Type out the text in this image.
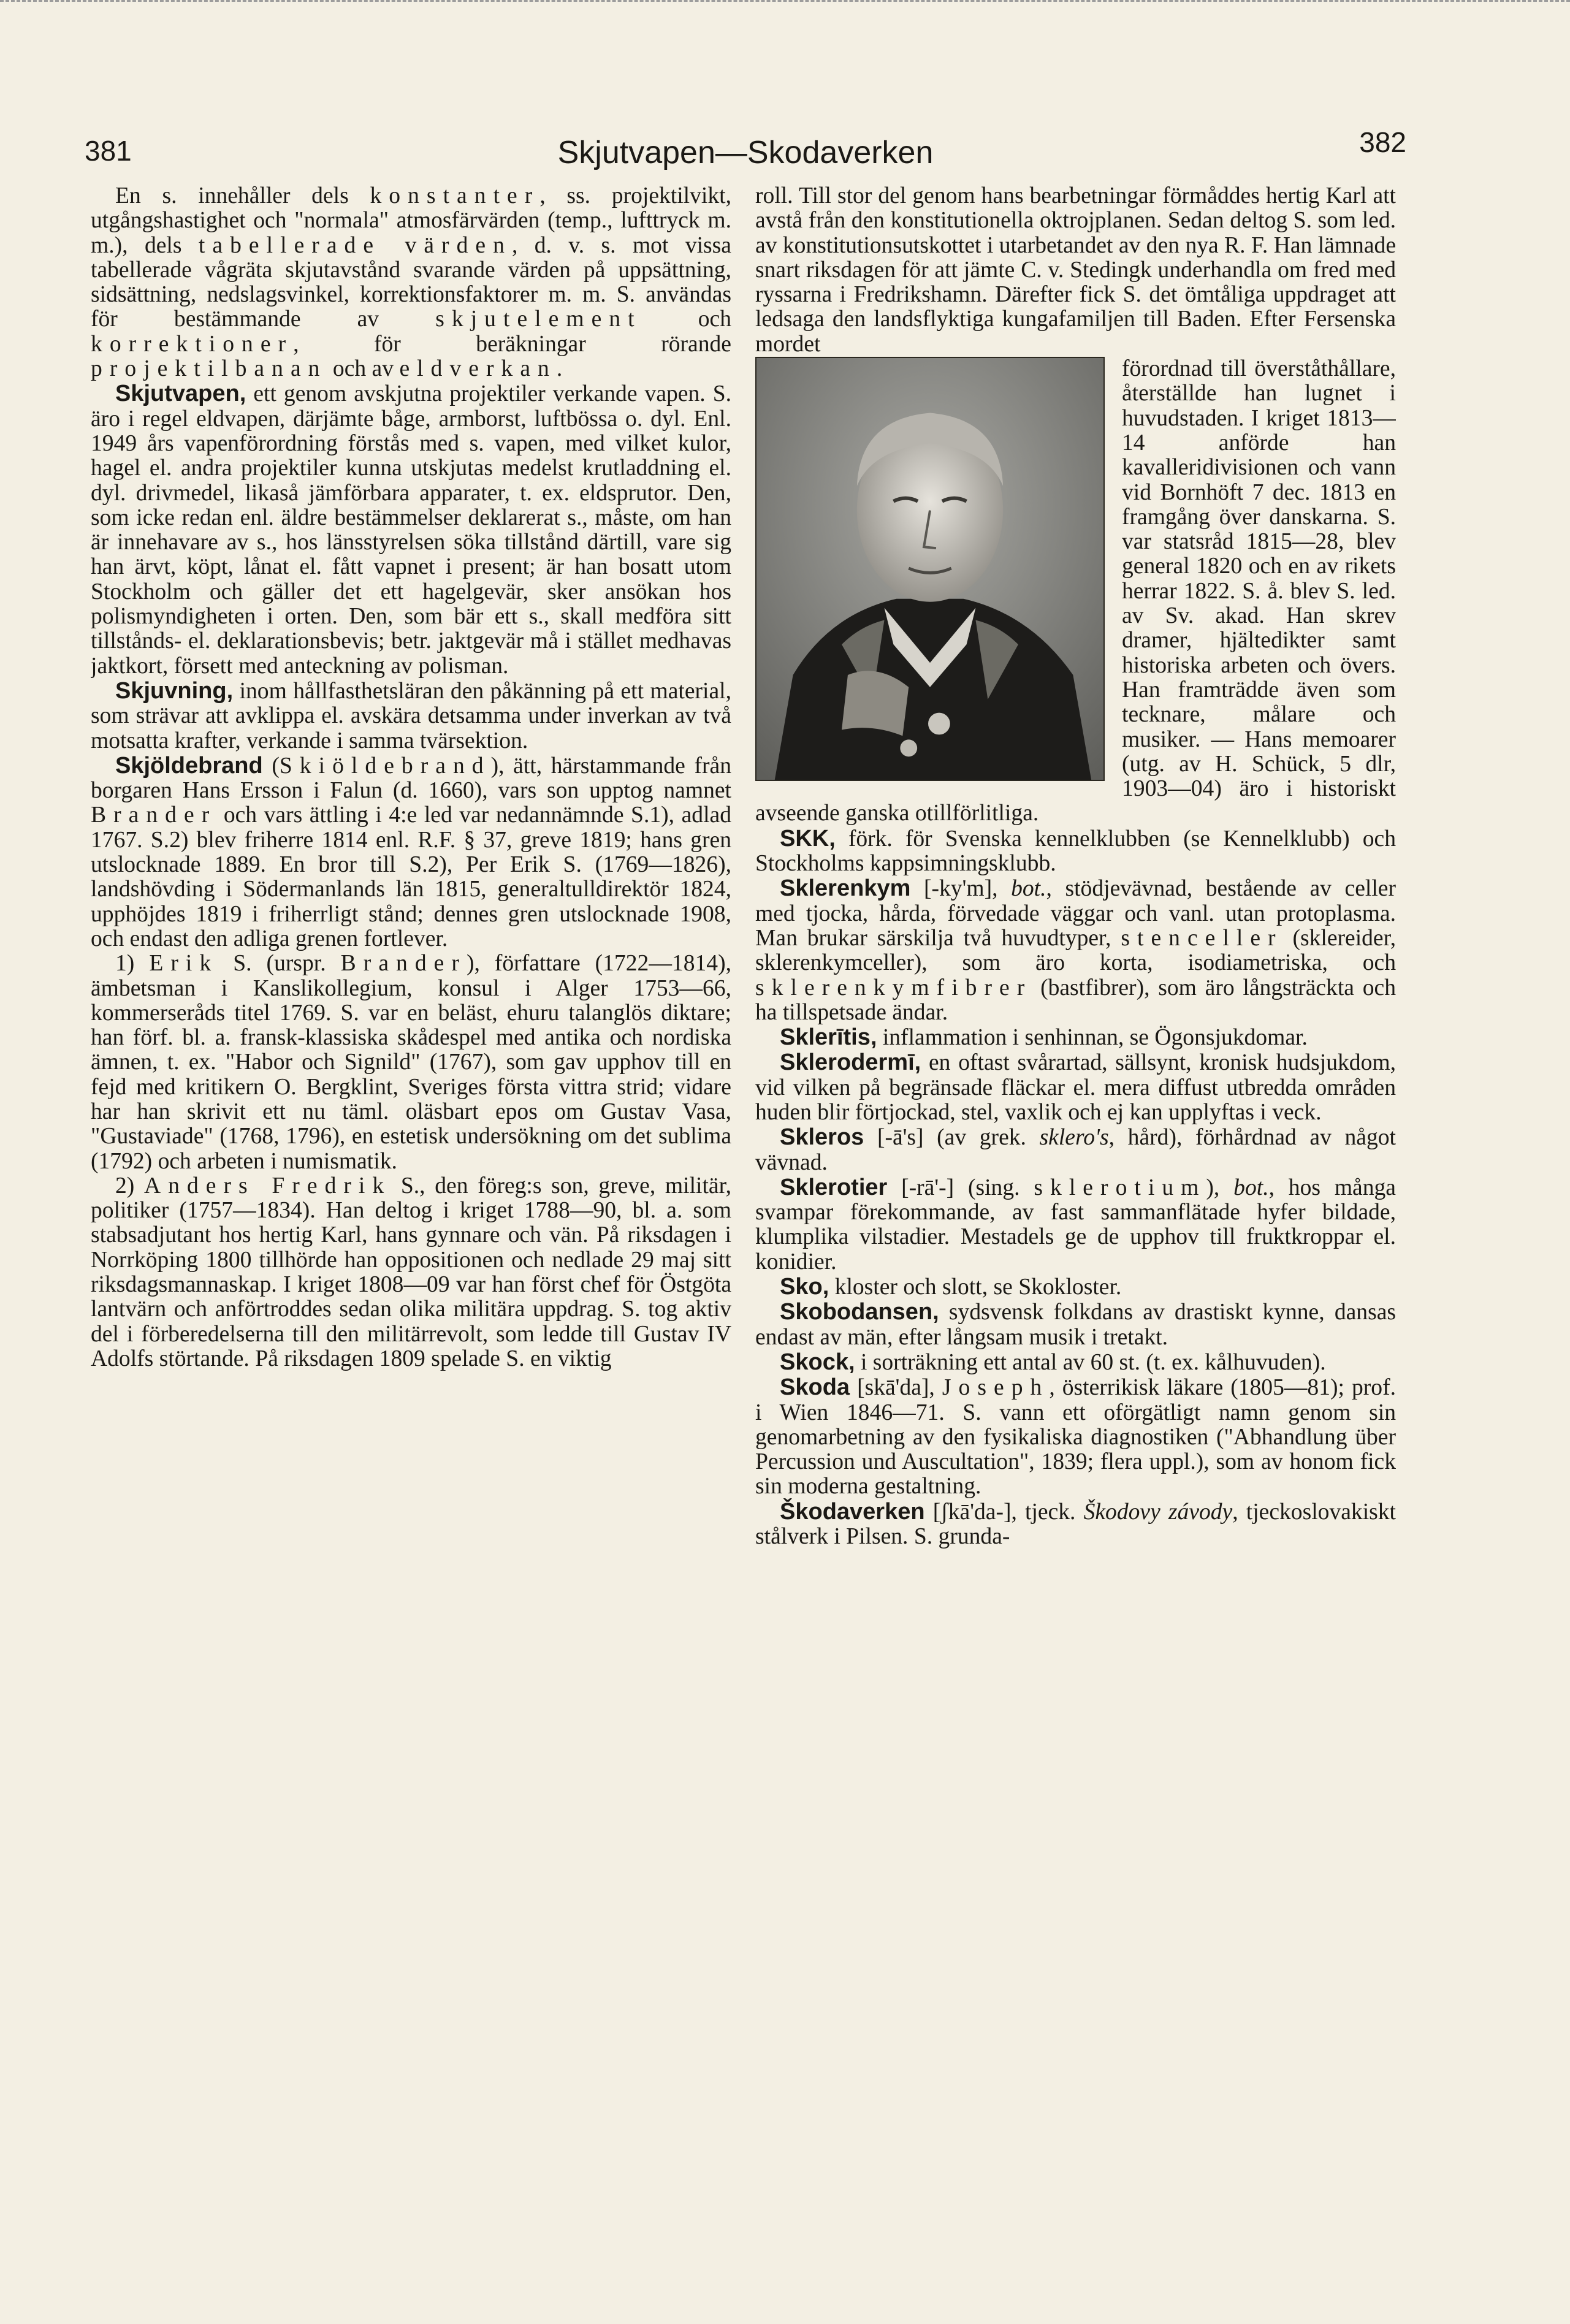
381	Skjutvapen—Skodaverken	382

En s. innehåller dels konstanter, ss. projektilvikt, utgångshastighet och "normala" atmosfärvärden (temp., lufttryck m. m.), dels tabellerade värden, d. v. s. mot vissa tabellerade vågräta skjutavstånd svarande värden på uppsättning, sidsättning, nedslagsvinkel, korrektionsfaktorer m. m. S. användas för bestämmande av skjutelement och korrektioner, för beräkningar rörande projektilbanan och av eldverkan.

Skjutvapen, ett genom avskjutna projektiler verkande vapen. S. äro i regel eldvapen, därjämte båge, armborst, luftbössa o. dyl. Enl. 1949 års vapenförordning förstås med s. vapen, med vilket kulor, hagel el. andra projektiler kunna utskjutas medelst krutladdning el. dyl. drivmedel, likaså jämförbara apparater, t. ex. eldsprutor. Den, som icke redan enl. äldre bestämmelser deklarerat s., måste, om han är innehavare av s., hos länsstyrelsen söka tillstånd därtill, vare sig han ärvt, köpt, lånat el. fått vapnet i present; är han bosatt utom Stockholm och gäller det ett hagelgevär, sker ansökan hos polismyndigheten i orten. Den, som bär ett s., skall medföra sitt tillstånds- el. deklarationsbevis; betr. jaktgevär må i stället medhavas jaktkort, försett med anteckning av polisman.

Skjuvning, inom hållfasthetsläran den påkänning på ett material, som strävar att avklippa el. avskära detsamma under inverkan av två motsatta krafter, verkande i samma tvärsektion.

Skjöldebrand (Skiöldebrand), ätt, härstammande från borgaren Hans Ersson i Falun (d. 1660), vars son upptog namnet Brander och vars ättling i 4:e led var nedannämnde S.1), adlad 1767. S.2) blev friherre 1814 enl. R.F. § 37, greve 1819; hans gren utslocknade 1889. En bror till S.2), Per Erik S. (1769—1826), landshövding i Södermanlands län 1815, generaltulldirektör 1824, upphöjdes 1819 i friherrligt stånd; dennes gren utslocknade 1908, och endast den adliga grenen fortlever.

1) Erik S. (urspr. Brander), författare (1722—1814), ämbetsman i Kanslikollegium, konsul i Alger 1753—66, kommerseråds titel 1769. S. var en beläst, ehuru talanglös diktare; han förf. bl. a. fransk-klassiska skådespel med antika och nordiska ämnen, t. ex. "Habor och Signild" (1767), som gav upphov till en fejd med kritikern O. Bergklint, Sveriges första vittra strid; vidare har han skrivit ett nu täml. oläsbart epos om Gustav Vasa, "Gustaviade" (1768, 1796), en estetisk undersökning om det sublima (1792) och arbeten i numismatik.

2) Anders Fredrik S., den föreg:s son, greve, militär, politiker (1757—1834). Han deltog i kriget 1788—90, bl. a. som stabsadjutant hos hertig Karl, hans gynnare och vän. På riksdagen i Norrköping 1800 tillhörde han oppositionen och nedlade 29 maj sitt riksdagsmannaskap. I kriget 1808—09 var han först chef för Östgöta lantvärn och anförtroddes sedan olika militära uppdrag. S. tog aktiv del i förberedelserna till den militärrevolt, som ledde till Gustav IV Adolfs störtande. På riksdagen 1809 spelade S. en viktig

roll. Till stor del genom hans bearbetningar förmåddes hertig Karl att avstå från den konstitutionella oktrojplanen. Sedan deltog S. som led. av konstitutionsutskottet i utarbetandet av den nya R. F. Han lämnade snart riksdagen för att jämte C. v. Stedingk underhandla om fred med ryssarna i Fredrikshamn. Därefter fick S. det ömtåliga uppdraget att ledsaga den landsflyktiga kungafamiljen till Baden. Efter Fersenska mordet

förordnad till överståthållare, återställde han lugnet i huvudstaden. I kriget 1813—14 anförde han kavalleridivisionen och vann vid Bornhöft 7 dec. 1813 en framgång över danskarna. S. var statsråd 1815—28, blev general 1820 och en av rikets herrar 1822. S. å. blev S. led. av Sv. akad. Han skrev dramer, hjältedikter samt historiska arbeten och övers. Han framträdde även som tecknare, målare och musiker. — Hans memoarer (utg. av H. Schück, 5 dlr, 1903—04) äro i historiskt avseende ganska otillförlitliga.

SKK, förk. för Svenska kennelklubben (se Kennelklubb) och Stockholms kappsimningsklubb.

Sklerenkym [-ky'm], bot., stödjevävnad, bestående av celler med tjocka, hårda, förvedade väggar och vanl. utan protoplasma. Man brukar särskilja två huvudtyper, stenceller (sklereider, sklerenkymceller), som äro korta, isodiametriska, och sklerenkymfibrer (bastfibrer), som äro långsträckta och ha tillspetsade ändar.

Sklerītis, inflammation i senhinnan, se Ögonsjukdomar.

Sklerodermī, en oftast svårartad, sällsynt, kronisk hudsjukdom, vid vilken på begränsade fläckar el. mera diffust utbredda områden huden blir förtjockad, stel, vaxlik och ej kan upplyftas i veck.

Skleros [-ā's] (av grek. sklero's, hård), förhårdnad av något vävnad.

Sklerotier [-rā'-] (sing. sklerotium), bot., hos många svampar förekommande, av fast sammanflätade hyfer bildade, klumplika vilstadier. Mestadels ge de upphov till fruktkroppar el. konidier.

Sko, kloster och slott, se Skokloster.

Skobodansen, sydsvensk folkdans av drastiskt kynne, dansas endast av män, efter långsam musik i tretakt.

Skock, i sorträkning ett antal av 60 st. (t. ex. kålhuvuden).

Skoda [skā'da], Joseph, österrikisk läkare (1805—81); prof. i Wien 1846—71. S. vann ett oförgätligt namn genom sin genomarbetning av den fysikaliska diagnostiken ("Abhandlung über Percussion und Auscultation", 1839; flera uppl.), som av honom fick sin moderna gestaltning.

Škodaverken [ʃkā'da-], tjeck. Škodovy závody, tjeckoslovakiskt stålverk i Pilsen. S. grunda-
